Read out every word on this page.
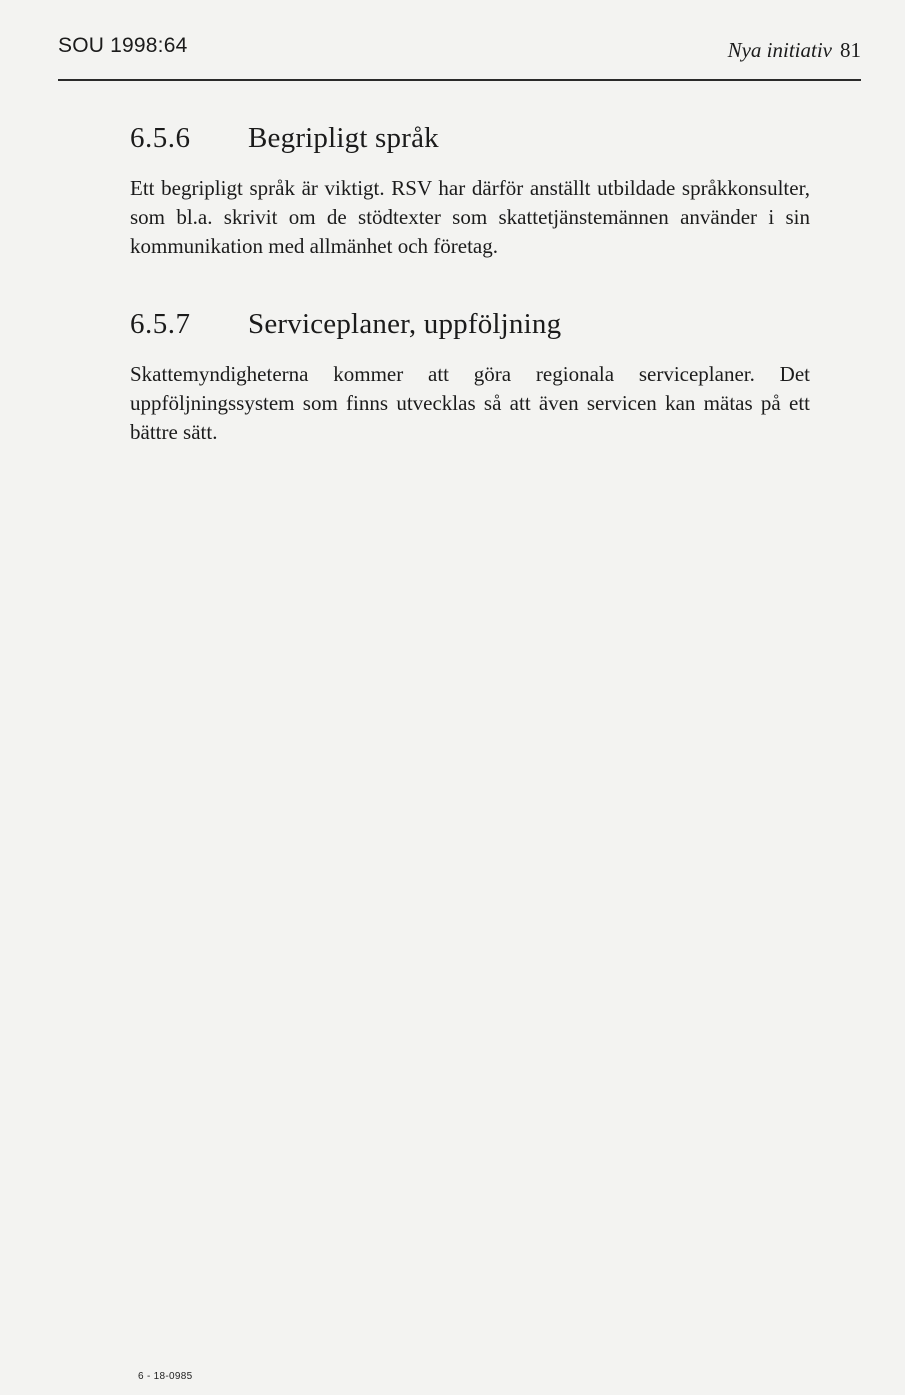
SOU 1998:64	Nya initiativ 81
6.5.6	Begripligt språk

Ett begripligt språk är viktigt. RSV har därför anställt utbildade språkkonsulter, som bl.a. skrivit om de stödtexter som skattetjänstemännen använder i sin kommunikation med allmänhet och företag.

6.5.7	Serviceplaner, uppföljning

Skattemyndigheterna kommer att göra regionala serviceplaner. Det uppföljningssystem som finns utvecklas så att även servicen kan mätas på ett bättre sätt.

6 - 18-0985
